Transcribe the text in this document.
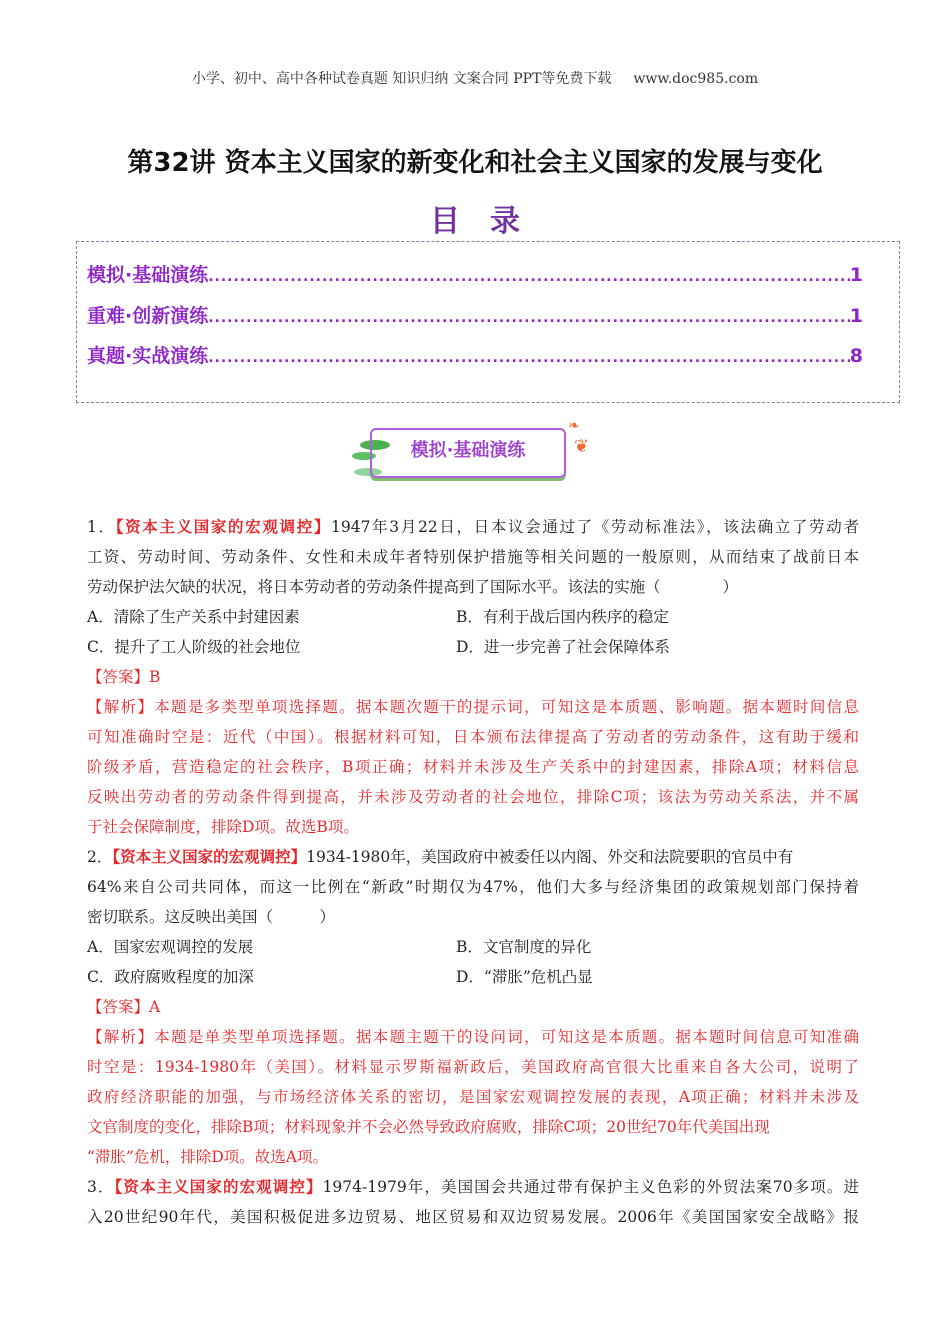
小学、初中、高中各种试卷真题 知识归纳 文案合同 PPT等免费下载 www.doc985.com
第32讲 资本主义国家的新变化和社会主义国家的发展与变化
目录
模拟·基础演练 .....	1
重难·创新演练 .....	1
真题·实战演练 .....	8
模拟·基础演练
❧
❦
1．【资本主义国家的宏观调控】1947年3月22日，日本议会通过了《劳动标准法》，该法确立了劳动者
工资、劳动时间、劳动条件、女性和未成年者特别保护措施等相关问题的一般原则，从而结束了战前日本
劳动保护法欠缺的状况，将日本劳动者的劳动条件提高到了国际水平。该法的实施（　　　　）
A．清除了生产关系中封建因素	B．有利于战后国内秩序的稳定
C．提升了工人阶级的社会地位	D．进一步完善了社会保障体系
【答案】B
【解析】本题是多类型单项选择题。据本题次题干的提示词，可知这是本质题、影响题。据本题时间信息
可知准确时空是：近代（中国）。根据材料可知，日本颁布法律提高了劳动者的劳动条件，这有助于缓和
阶级矛盾，营造稳定的社会秩序，B项正确；材料并未涉及生产关系中的封建因素，排除A项；材料信息
反映出劳动者的劳动条件得到提高，并未涉及劳动者的社会地位，排除C项；该法为劳动关系法，并不属
于社会保障制度，排除D项。故选B项。
2．【资本主义国家的宏观调控】1934-1980年，美国政府中被委任以内阁、外交和法院要职的官员中有
64%来自公司共同体，而这一比例在“新政”时期仅为47%，他们大多与经济集团的政策规划部门保持着
密切联系。这反映出美国（　　　）
A．国家宏观调控的发展	B．文官制度的异化
C．政府腐败程度的加深	D．“滞胀”危机凸显
【答案】A
【解析】本题是单类型单项选择题。据本题主题干的设问词，可知这是本质题。据本题时间信息可知准确
时空是：1934-1980年（美国）。材料显示罗斯福新政后，美国政府高官很大比重来自各大公司，说明了
政府经济职能的加强，与市场经济体关系的密切，是国家宏观调控发展的表现，A项正确；材料并未涉及
文官制度的变化，排除B项；材料现象并不会必然导致政府腐败，排除C项；20世纪70年代美国出现
“滞胀”危机，排除D项。故选A项。
3．【资本主义国家的宏观调控】1974-1979年，美国国会共通过带有保护主义色彩的外贸法案70多项。进
入20世纪90年代，美国积极促进多边贸易、地区贸易和双边贸易发展。2006年《美国国家安全战略》报
